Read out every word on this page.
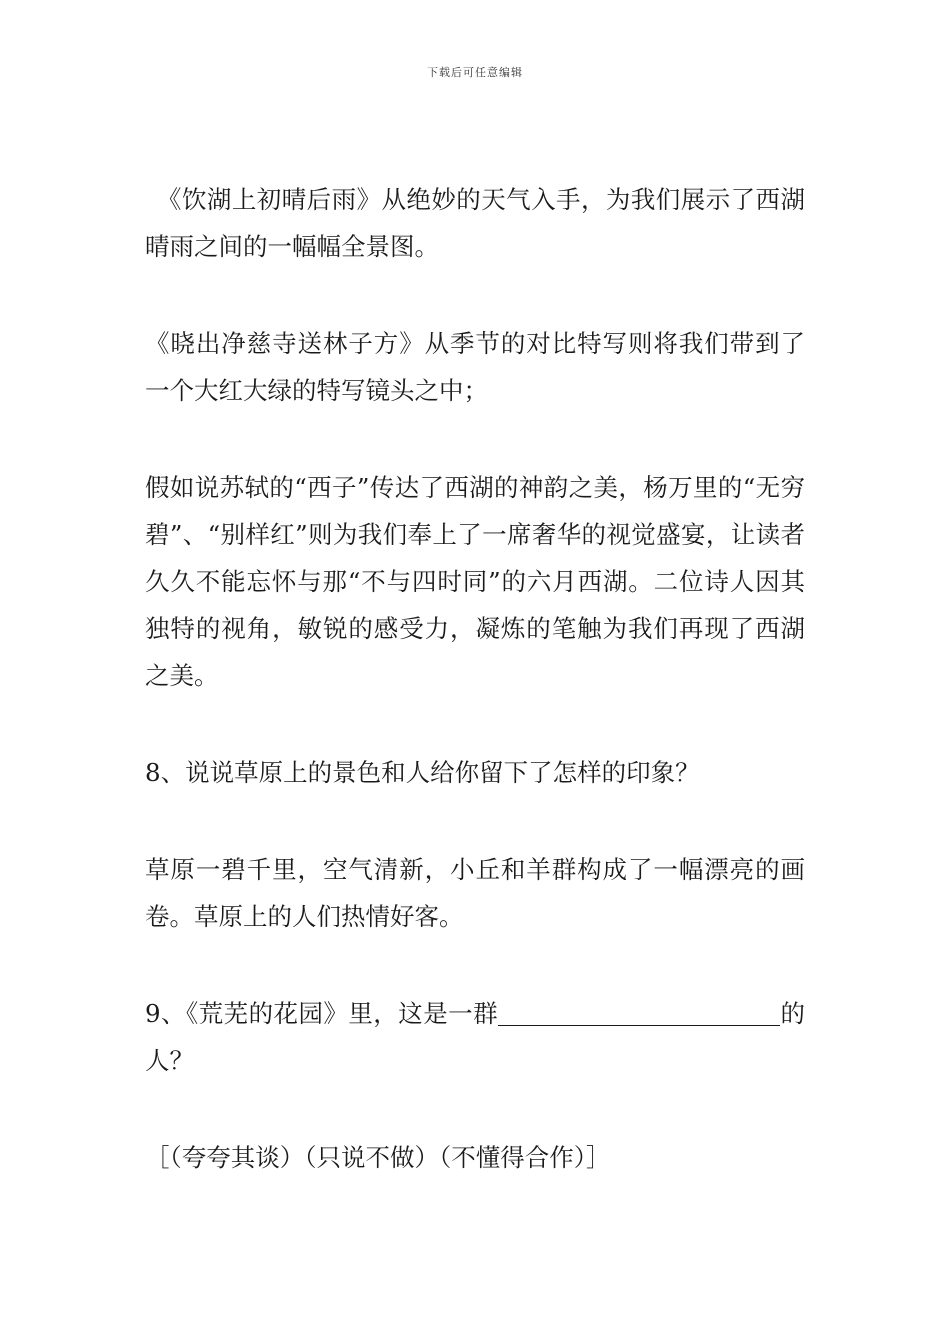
下载后可任意编辑

《饮湖上初晴后雨》从绝妙的天气入手，为我们展示了西湖晴雨之间的一幅幅全景图。

《晓出净慈寺送林子方》从季节的对比特写则将我们带到了一个大红大绿的特写镜头之中；

假如说苏轼的“西子”传达了西湖的神韵之美，杨万里的“无穷碧”、“别样红”则为我们奉上了一席奢华的视觉盛宴，让读者久久不能忘怀与那“不与四时同”的六月西湖。二位诗人因其独特的视角，敏锐的感受力，凝炼的笔触为我们再现了西湖之美。

8、说说草原上的景色和人给你留下了怎样的印象？

草原一碧千里，空气清新，小丘和羊群构成了一幅漂亮的画卷。草原上的人们热情好客。

9、《荒芜的花园》里，这是一群	的人？

［（夸夸其谈）（只说不做）（不懂得合作）］
